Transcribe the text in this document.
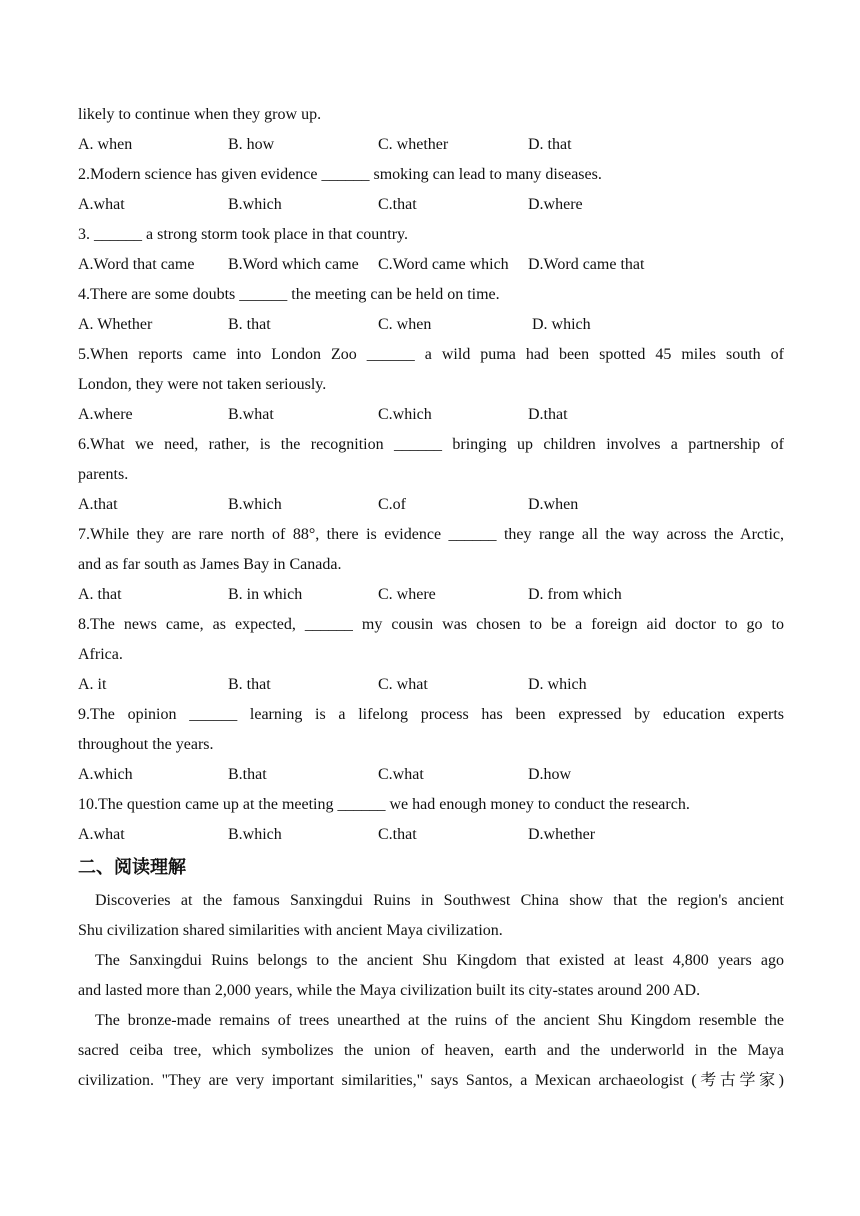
likely to continue when they grow up.
A. when	B. how	C. whether	D. that
2.Modern science has given evidence ______ smoking can lead to many diseases.
A.what	B.which	C.that	D.where
3. ______ a strong storm took place in that country.
A.Word that came	B.Word which came	C.Word came which	D.Word came that
4.There are some doubts ______ the meeting can be held on time.
A. Whether	B. that	C. when	D. which
5.When reports came into London Zoo ______ a wild puma had been spotted 45 miles south of
London, they were not taken seriously.
A.where	B.what	C.which	D.that
6.What we need, rather, is the recognition ______ bringing up children involves a partnership of
parents.
A.that	B.which	C.of	D.when
7.While they are rare north of 88°, there is evidence ______ they range all the way across the Arctic,
and as far south as James Bay in Canada.
A. that	B. in which	C. where	D. from which
8.The news came, as expected, ______ my cousin was chosen to be a foreign aid doctor to go to
Africa.
A. it	B. that	C. what	D. which
9.The opinion ______ learning is a lifelong process has been expressed by education experts
throughout the years.
A.which	B.that	C.what	D.how
10.The question came up at the meeting ______ we had enough money to conduct the research.
A.what	B.which	C.that	D.whether
二、阅读理解
Discoveries at the famous Sanxingdui Ruins in Southwest China show that the region's ancient
Shu civilization shared similarities with ancient Maya civilization.
The Sanxingdui Ruins belongs to the ancient Shu Kingdom that existed at least 4,800 years ago
and lasted more than 2,000 years, while the Maya civilization built its city-states around 200 AD.
The bronze-made remains of trees unearthed at the ruins of the ancient Shu Kingdom resemble the
sacred ceiba tree, which symbolizes the union of heaven, earth and the underworld in the Maya
civilization. "They are very important similarities," says Santos, a Mexican archaeologist (考古学家)
